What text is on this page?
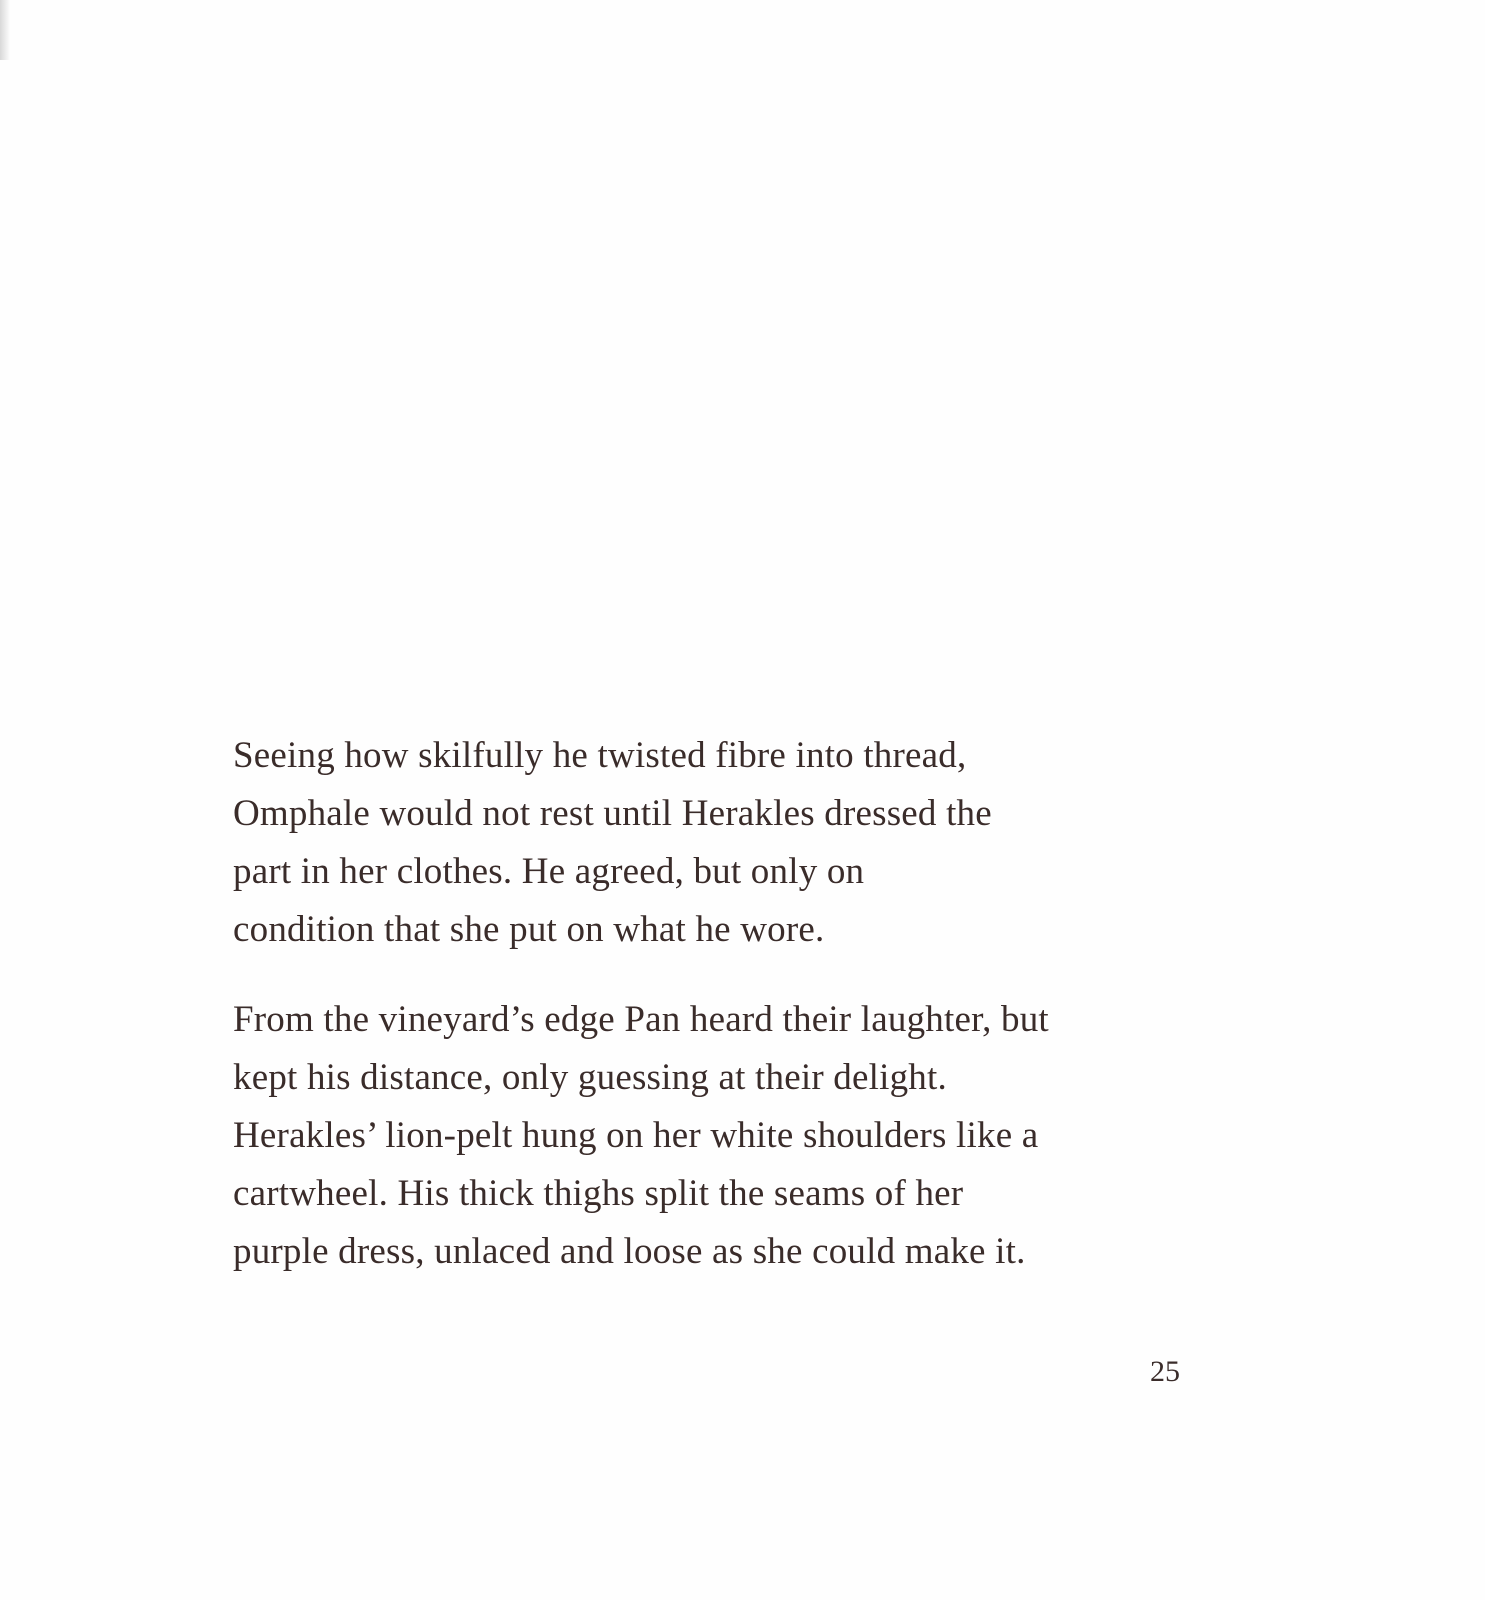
Seeing how skilfully he twisted fibre into thread,
Omphale would not rest until Herakles dressed the
part in her clothes. He agreed, but only on
condition that she put on what he wore.

From the vineyard’s edge Pan heard their laughter, but
kept his distance, only guessing at their delight.
Herakles’ lion-pelt hung on her white shoulders like a
cartwheel. His thick thighs split the seams of her
purple dress, unlaced and loose as she could make it.

25
